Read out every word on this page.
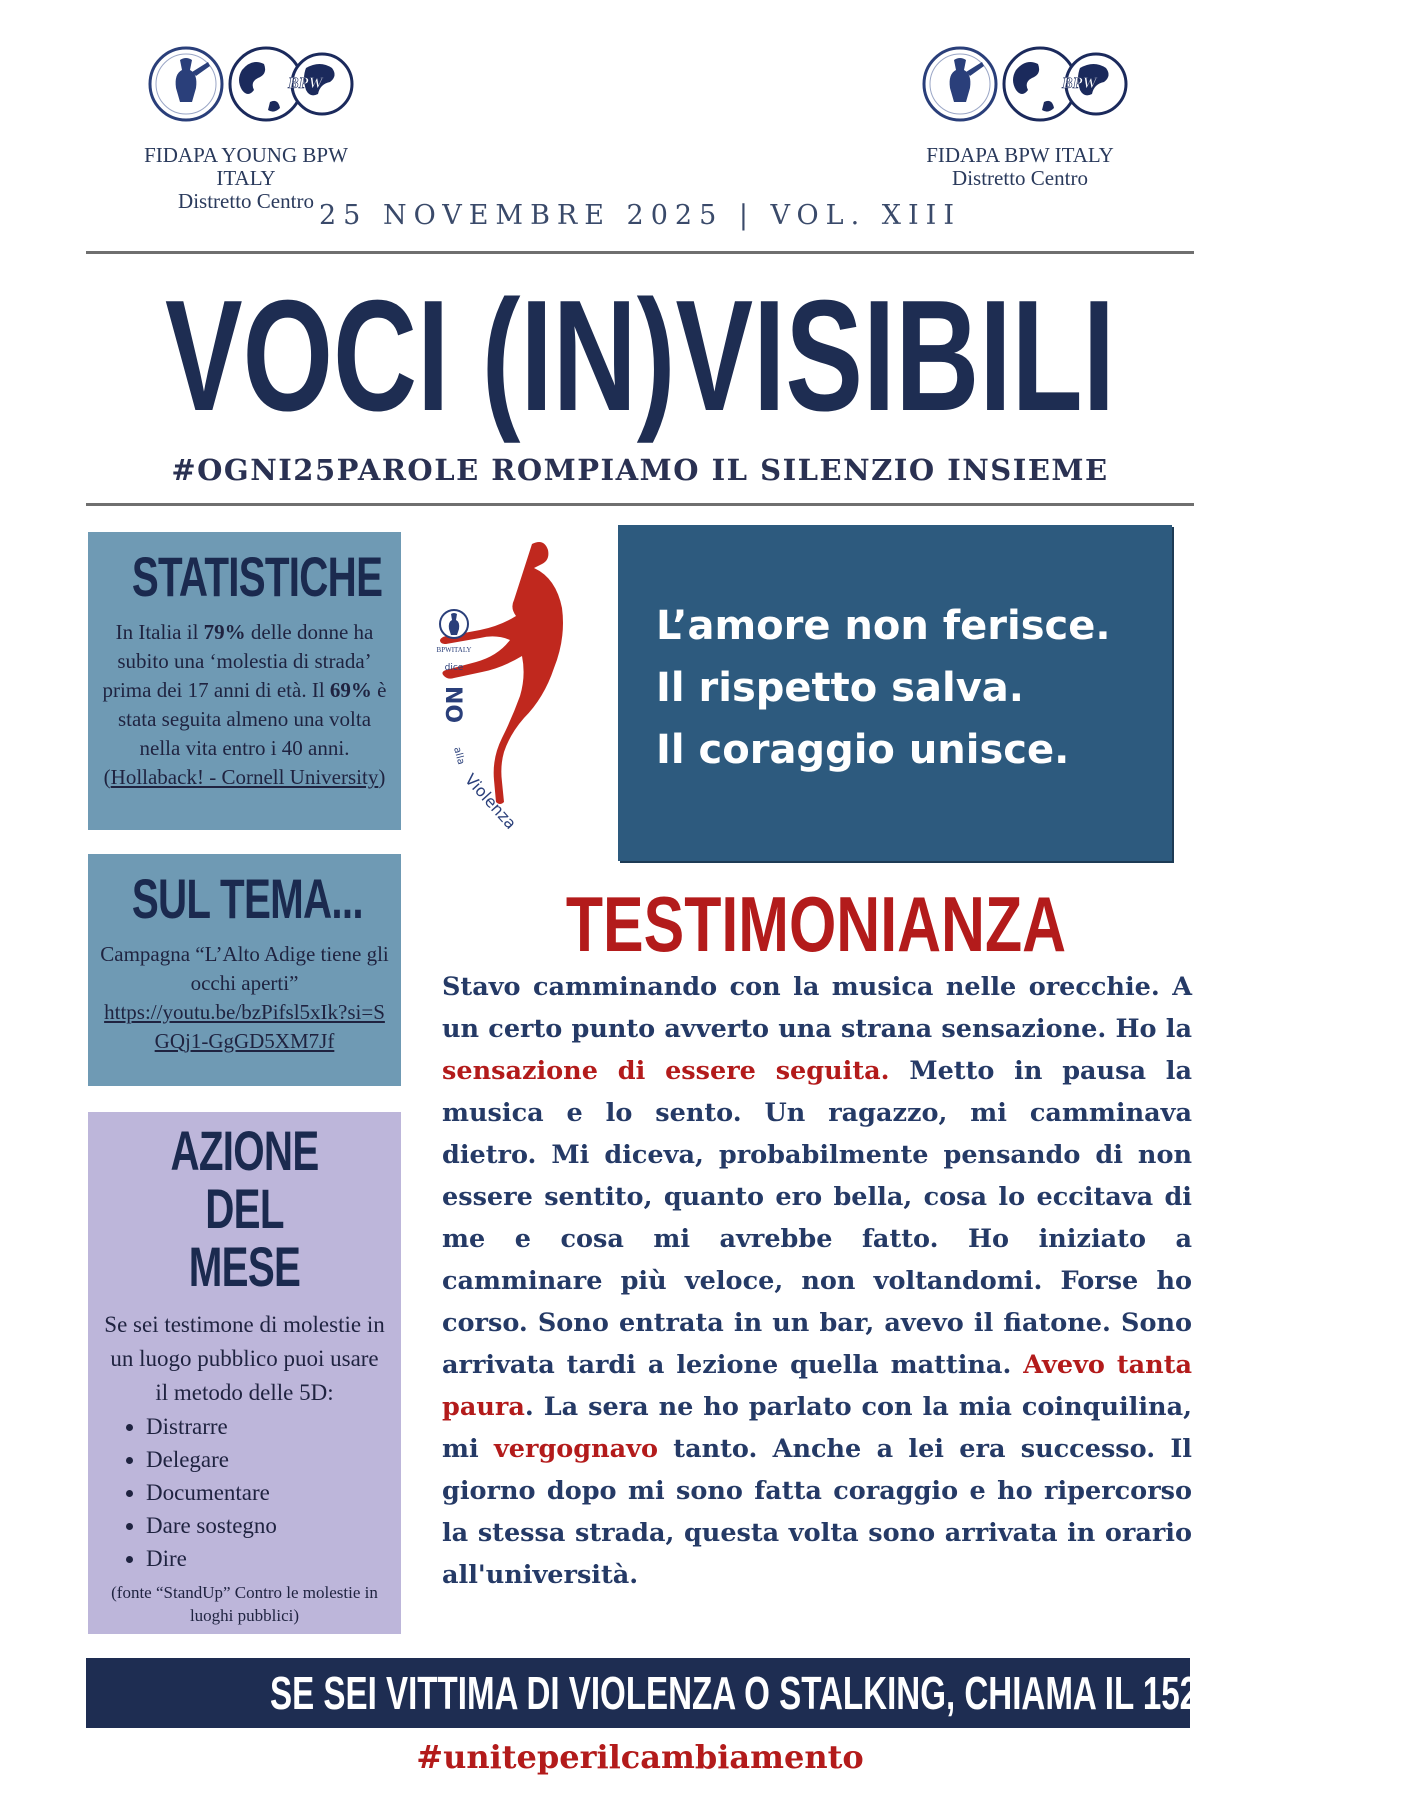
BPW
FIDAPA YOUNG BPW ITALY
Distretto Centro
BPW
FIDAPA BPW ITALY
Distretto Centro
25 NOVEMBRE 2025 | VOL. XIII
VOCI (IN)VISIBILI
#OGNI25PAROLE ROMPIAMO IL SILENZIO INSIEME
STATISTICHE

In Italia il 79% delle donne ha subito una ‘molestia di strada’ prima dei 17 anni di età. Il 69% è stata seguita almeno una volta nella vita entro i 40 anni. (Hollaback! - Cornell University)

SUL TEMA...

Campagna “L’Alto Adige tiene gli occhi aperti”

https://youtu.be/bzPifsl5xIk?si=SGQj1-GgGD5XM7Jf

AZIONE DEL
MESE

Se sei testimone di molestie in un luogo pubblico puoi usare il metodo delle 5D:

• Distrarre
• Delegare
• Documentare
• Dare sostegno
• Dire
(fonte “StandUp” Contro le molestie in luoghi pubblici)
BPWITALY
dice
NO
alla
Violenza
L’amore non ferisce.
Il rispetto salva.
Il coraggio unisce.
TESTIMONIANZA
Stavo camminando con la musica nelle orecchie. A un certo punto avverto una strana sensazione. Ho la sensazione di essere seguita. Metto in pausa la musica e lo sento. Un ragazzo, mi camminava dietro. Mi diceva, probabilmente pensando di non essere sentito, quanto ero bella, cosa lo eccitava di me e cosa mi avrebbe fatto. Ho iniziato a camminare più veloce, non voltandomi. Forse ho corso. Sono entrata in un bar, avevo il fiatone. Sono arrivata tardi a lezione quella mattina. Avevo tanta paura. La sera ne ho parlato con la mia coinquilina, mi vergognavo tanto. Anche a lei era successo. Il giorno dopo mi sono fatta coraggio e ho ripercorso la stessa strada, questa volta sono arrivata in orario all'università.
SE SEI VITTIMA DI VIOLENZA O STALKING, CHIAMA IL 1522
#uniteperilcambiamento
